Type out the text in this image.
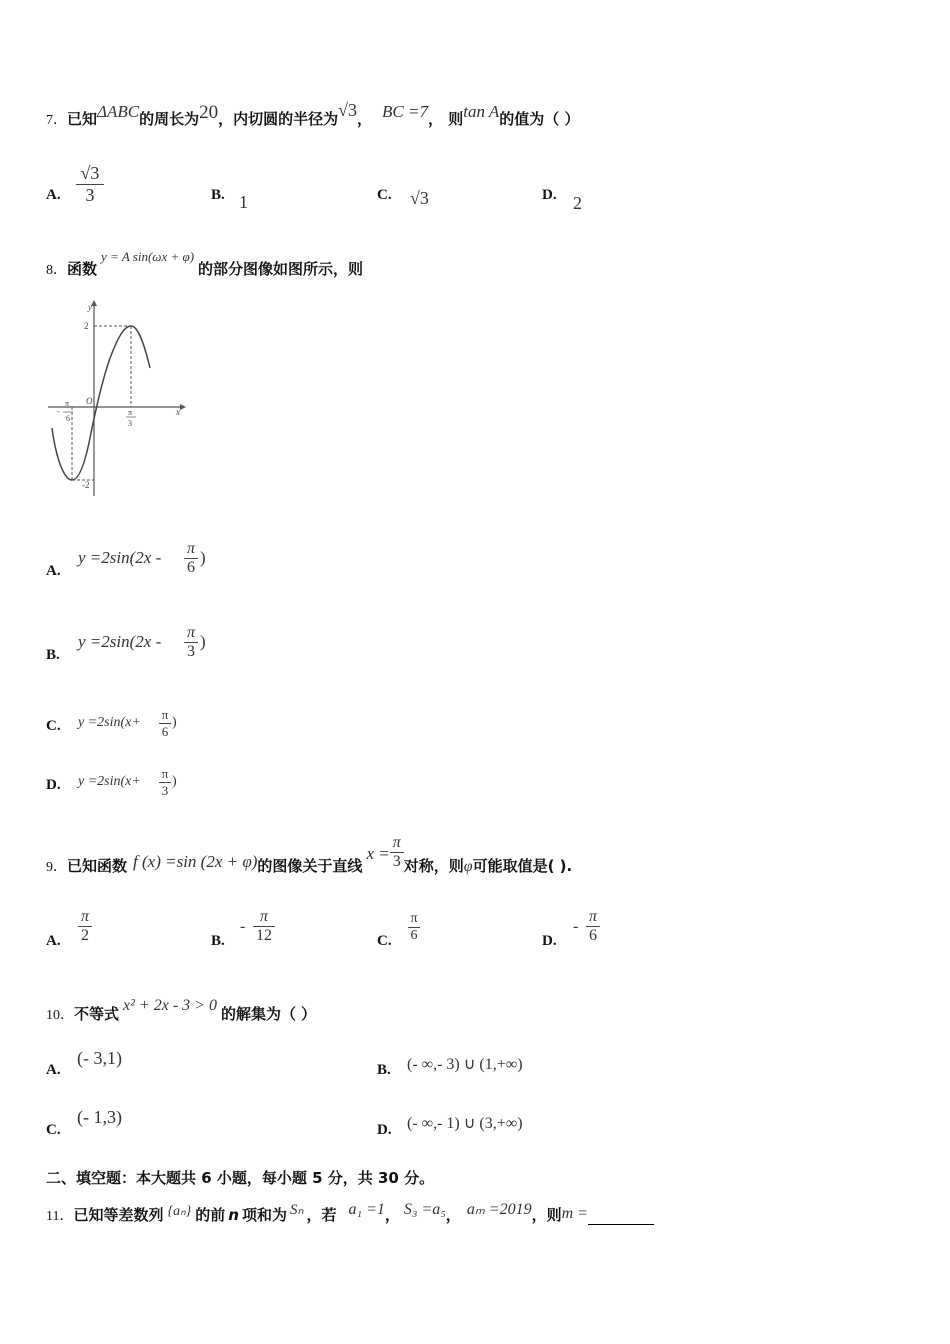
7．已知ΔABC的周长为20，内切圆的半径为√3， BC =7， 则tan A的值为（ ）
A. $\frac{√3}{3}$	B. 1	C. √3	D. 2
8．函数$^{y = A sin(\omega x + \varphi)}$的部分图像如图所示，则
y
x
O
2
-2
π
6
-	π
3
A.
$y =2\sin(2x - \frac{\pi}{6}$ )
B.
$y =2\sin(2x - \frac{\pi}{3}$ )
C. $y =2\sin(x+ \frac{\pi}{6}$ )
D. $y =2\sin(x+ \frac{\pi}{3}$ )
9．已知函数 f (x) =sin (2x + φ)的图像关于直线$x = \frac{\pi}{3}$ 对称，则φ可能取值是( ).
A. $\frac{\pi}{2}$	B.
- $\frac{\pi}{12}$	C. $\frac{\pi}{6}$	D.
- $\frac{\pi}{6}$
10．不等式 x² + 2x - 3 > 0 的解集为（ ）
A.
(- 3,1)
B. (- ∞,- 3) ∪ (1,+∞)
C.
(- 1,3)
D. (- ∞,- 1) ∪ (3,+∞)
二、填空题：本大题共 6 小题，每小题 5 分，共 30 分。
11．已知等差数列 {aₙ} 的前 n 项和为 Sₙ ，若 a₁ =1， S₃ =a₅， aₘ =2019，则m =
